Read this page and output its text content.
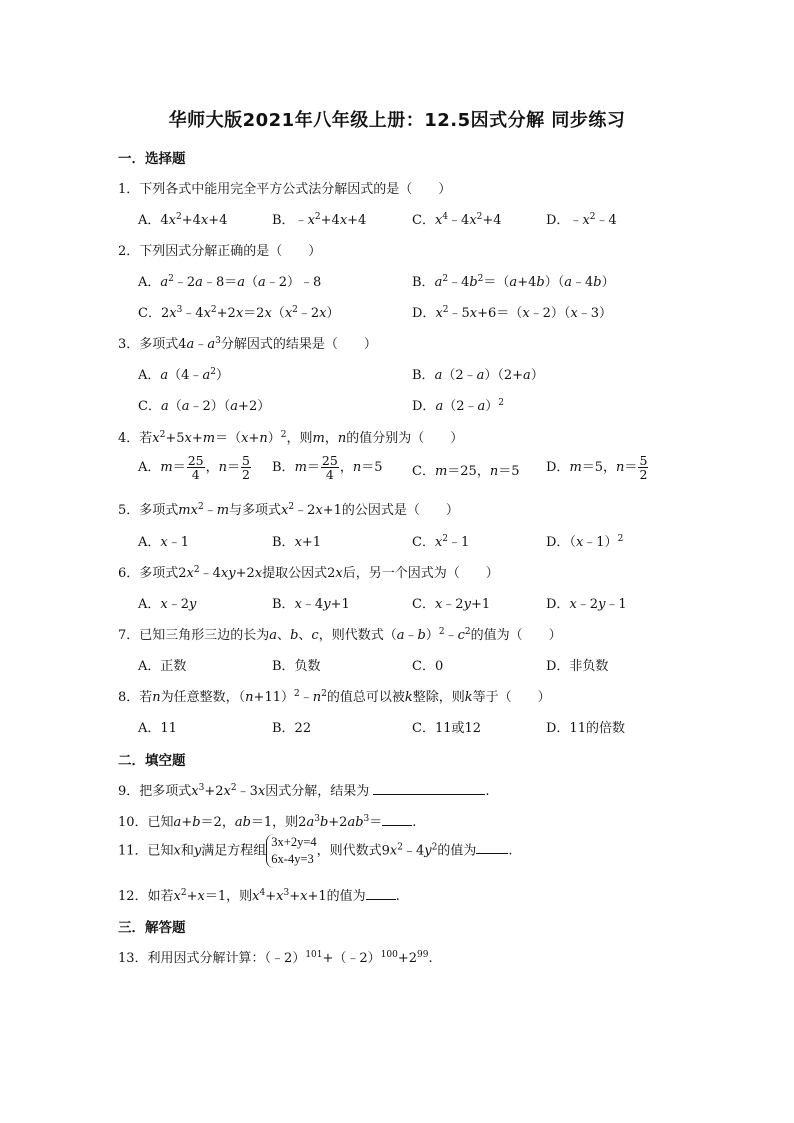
华师大版2021年八年级上册：12.5因式分解 同步练习
一．选择题
1．下列各式中能用完全平方公式法分解因式的是（　　）
A．$4x^2+4x+4$	B．$﹣x^2+4x+4$	C．$x^4﹣4x^2+4$	D．$﹣x^2﹣4$
2．下列因式分解正确的是（　　）
A．$a^2﹣2a﹣8=a(a﹣2)﹣8$	B．$a^2﹣4b^2=(a+4b)(a﹣4b)$
C．$2x^3﹣4x^2+2x=2x(x^2﹣2x)$	D．$x^2﹣5x+6=(x﹣2)(x﹣3)$
3．多项式$4a﹣a^3$分解因式的结果是（　　）
A．$a(4﹣a^2)$	B．a（2﹣a）（2+a）
C．a（a﹣2）（a+2）	D．a（2﹣a）$^2$
4．若$x^2+5x+m=(x+n)^2$，则m，n的值分别为（　　）
A．$m= \frac{25}{4}$ ，$n= \frac{5}{2}$ B．$m= \frac{25}{4}$ ，n＝5 C．m＝25，n＝5 D．m＝5，$n= \frac{5}{2}$
5．多项式$mx^2﹣m$与多项式$x^2﹣2x+1$的公因式是（　　）
A．x﹣1	B．x+1	C．$x^2﹣1$	D．（x﹣1）$^2$
6．多项式$2x^2﹣4xy+2x$提取公因式2x后，另一个因式为（　　）
A．x﹣2y	B．x﹣4y+1	C．x﹣2y+1	D．x﹣2y﹣1
7．已知三角形三边的长为a、b、c，则代数式$(a﹣b)^2﹣c^2$的值为（　　）
A．正数	B．负数	C．0	D．非负数
8．若n为任意整数，$(n+11)^2﹣n^2$的值总可以被k整除，则k等于（　　）
A．11	B．22	C．11或12	D．11的倍数
二．填空题
9．把多项式$x^3+2x^2﹣3x$因式分解，结果为	.
10．已知a+b＝2，ab＝1，则$2a^3b+2ab^3=$ .
11．已知x和y满足方程组
3x+2y=4
6x-4y=3
，则代数式$9x^2﹣4y^2$的值为 .
12．如若$x^2+x=1$，则$x^4+x^3+x+1$的值为 .
三．解答题
13．利用因式分解计算：$(﹣2)^{101}+(﹣2)^{100}+2^{99}$.
